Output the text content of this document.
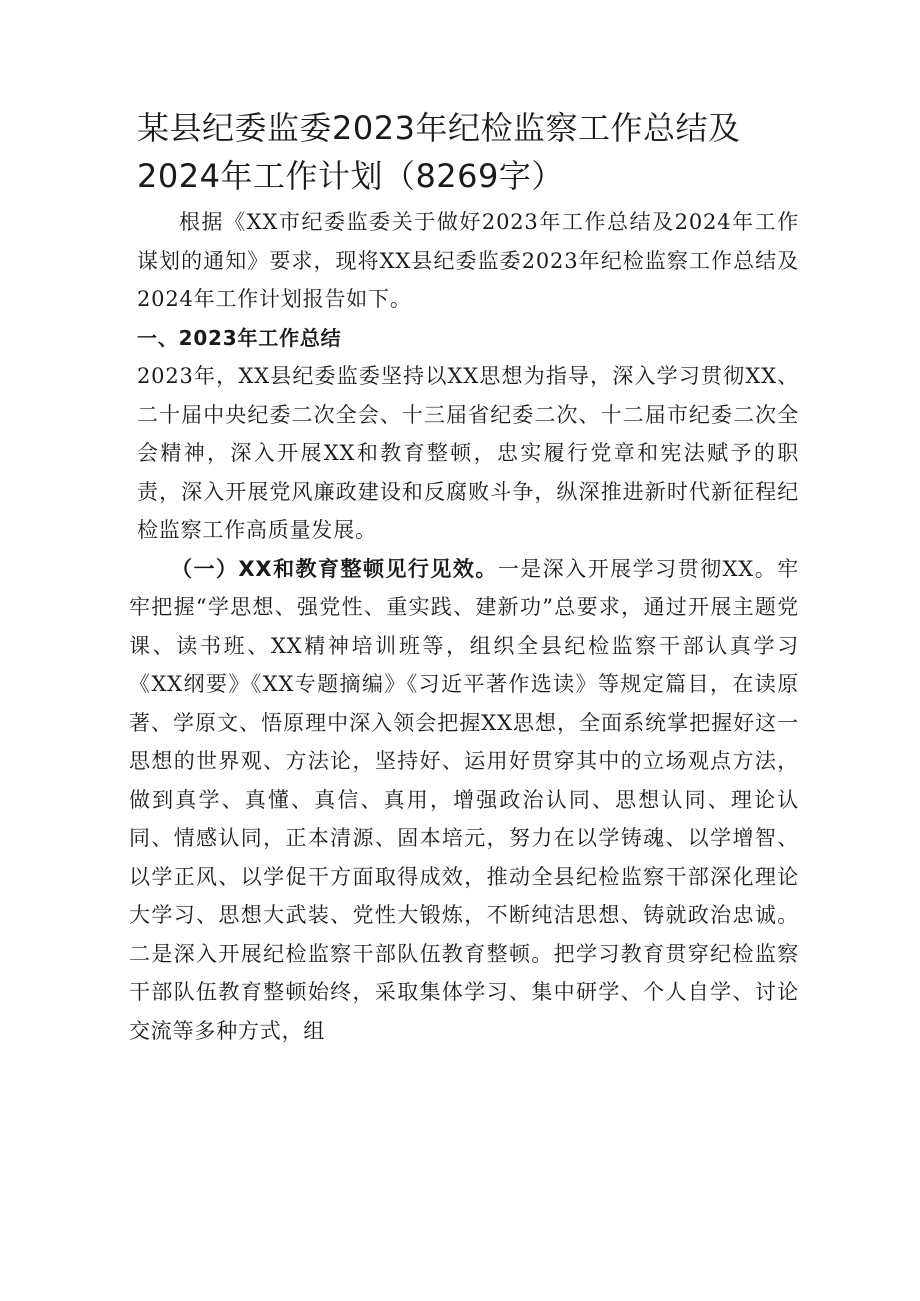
某县纪委监委2023年纪检监察工作总结及2024年工作计划（8269字）

根据《XX市纪委监委关于做好2023年工作总结及2024年工作谋划的通知》要求，现将XX县纪委监委2023年纪检监察工作总结及2024年工作计划报告如下。

一、2023年工作总结

2023年，XX县纪委监委坚持以XX思想为指导，深入学习贯彻XX、二十届中央纪委二次全会、十三届省纪委二次、十二届市纪委二次全会精神，深入开展XX和教育整顿，忠实履行党章和宪法赋予的职责，深入开展党风廉政建设和反腐败斗争，纵深推进新时代新征程纪检监察工作高质量发展。

（一）XX和教育整顿见行见效。一是深入开展学习贯彻XX。牢牢把握“学思想、强党性、重实践、建新功”总要求，通过开展主题党课、读书班、XX精神培训班等，组织全县纪检监察干部认真学习《XX纲要》《XX专题摘编》《习近平著作选读》等规定篇目，在读原著、学原文、悟原理中深入领会把握XX思想，全面系统掌把握好这一思想的世界观、方法论，坚持好、运用好贯穿其中的立场观点方法，做到真学、真懂、真信、真用，增强政治认同、思想认同、理论认同、情感认同，正本清源、固本培元，努力在以学铸魂、以学增智、以学正风、以学促干方面取得成效，推动全县纪检监察干部深化理论大学习、思想大武装、党性大锻炼，不断纯洁思想、铸就政治忠诚。二是深入开展纪检监察干部队伍教育整顿。把学习教育贯穿纪检监察干部队伍教育整顿始终，采取集体学习、集中研学、个人自学、讨论交流等多种方式，组
